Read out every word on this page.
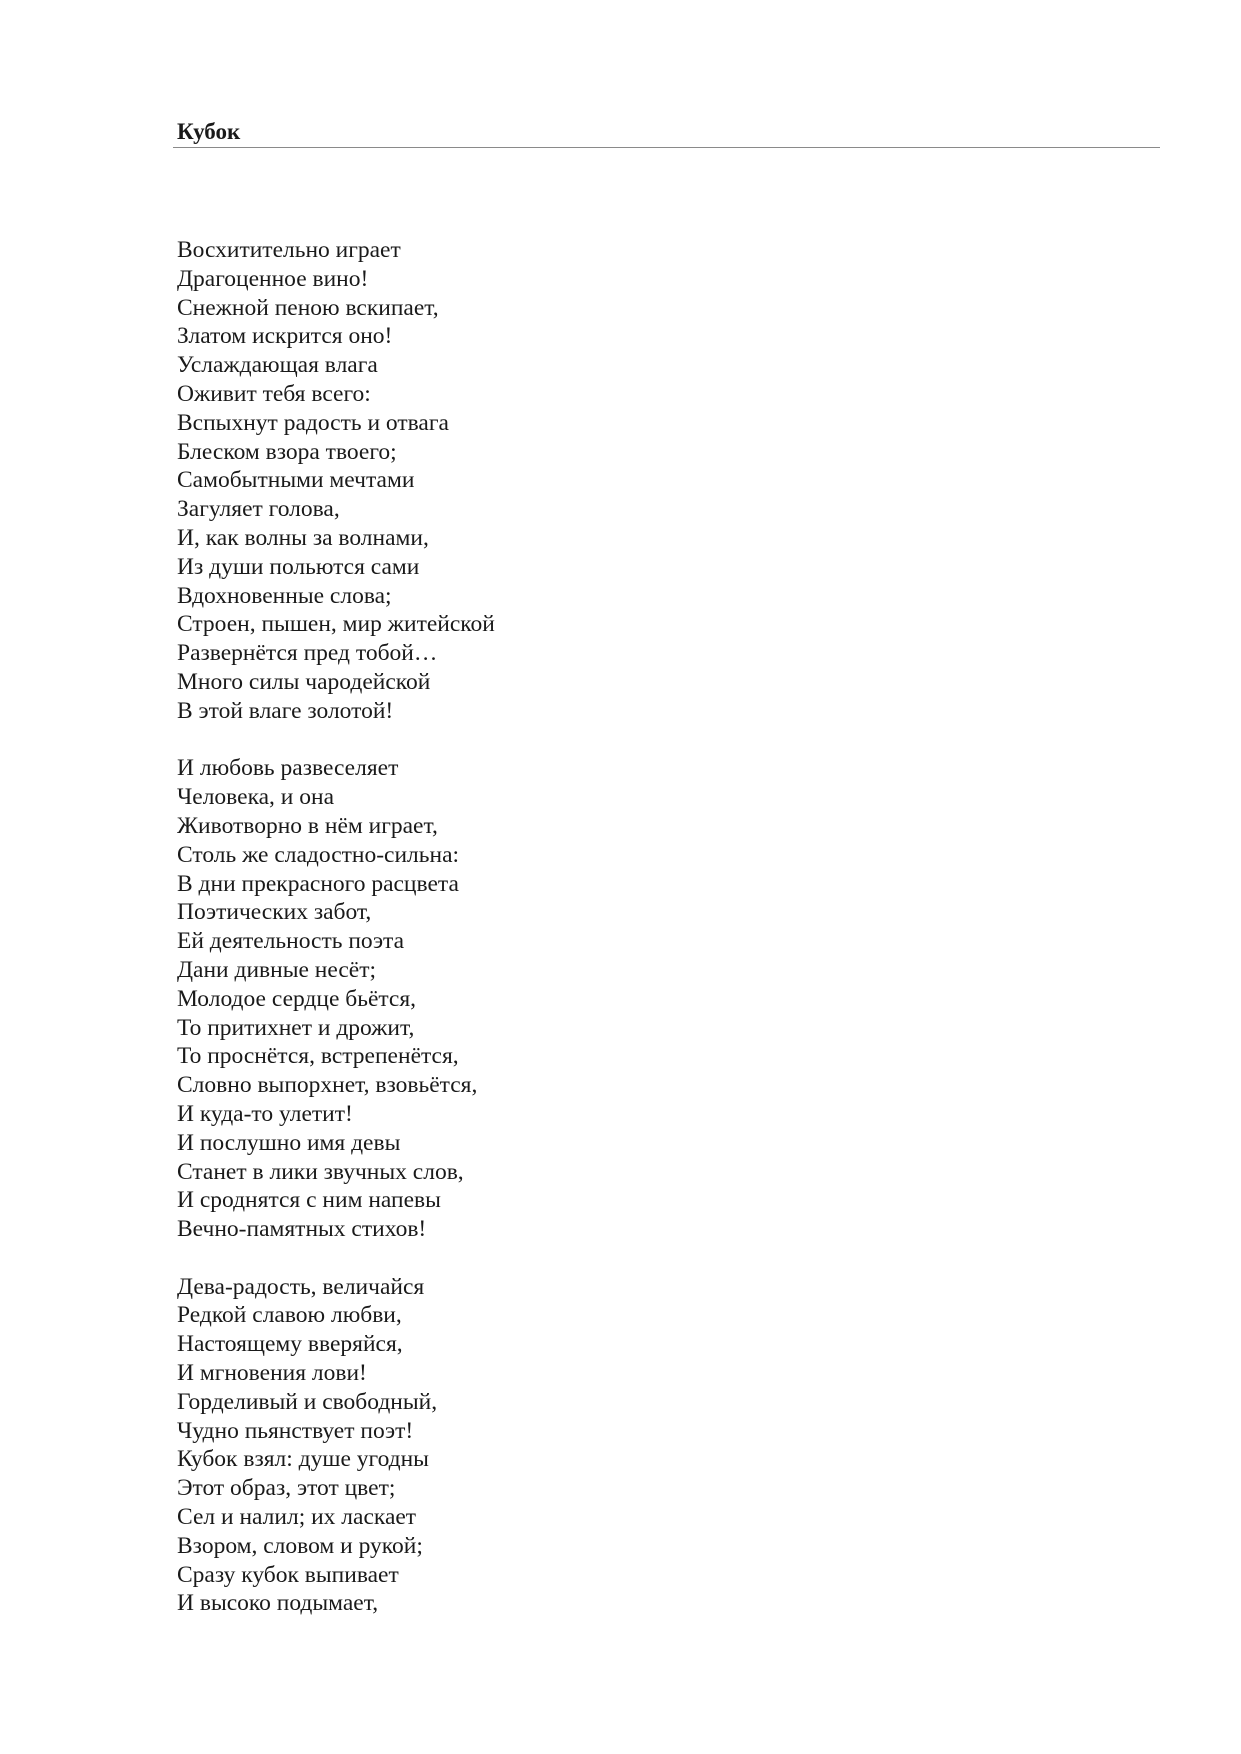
Кубок
Восхитительно играет
Драгоценное вино!
Снежной пеною вскипает,
Златом искрится оно!
Услаждающая влага
Оживит тебя всего:
Вспыхнут радость и отвага
Блеском взора твоего;
Самобытными мечтами
Загуляет голова,
И, как волны за волнами,
Из души польются сами
Вдохновенные слова;
Строен, пышен, мир житейской
Развернётся пред тобой…
Много силы чародейской
В этой влаге золотой!
И любовь развеселяет
Человека, и она
Животворно в нём играет,
Столь же сладостно-сильна:
В дни прекрасного расцвета
Поэтических забот,
Ей деятельность поэта
Дани дивные несёт;
Молодое сердце бьётся,
То притихнет и дрожит,
То проснётся, встрепенётся,
Словно выпорхнет, взовьётся,
И куда-то улетит!
И послушно имя девы
Станет в лики звучных слов,
И сроднятся с ним напевы
Вечно-памятных стихов!
Дева-радость, величайся
Редкой славою любви,
Настоящему вверяйся,
И мгновения лови!
Горделивый и свободный,
Чудно пьянствует поэт!
Кубок взял: душе угодны
Этот образ, этот цвет;
Сел и налил; их ласкает
Взором, словом и рукой;
Сразу кубок выпивает
И высоко подымает,
